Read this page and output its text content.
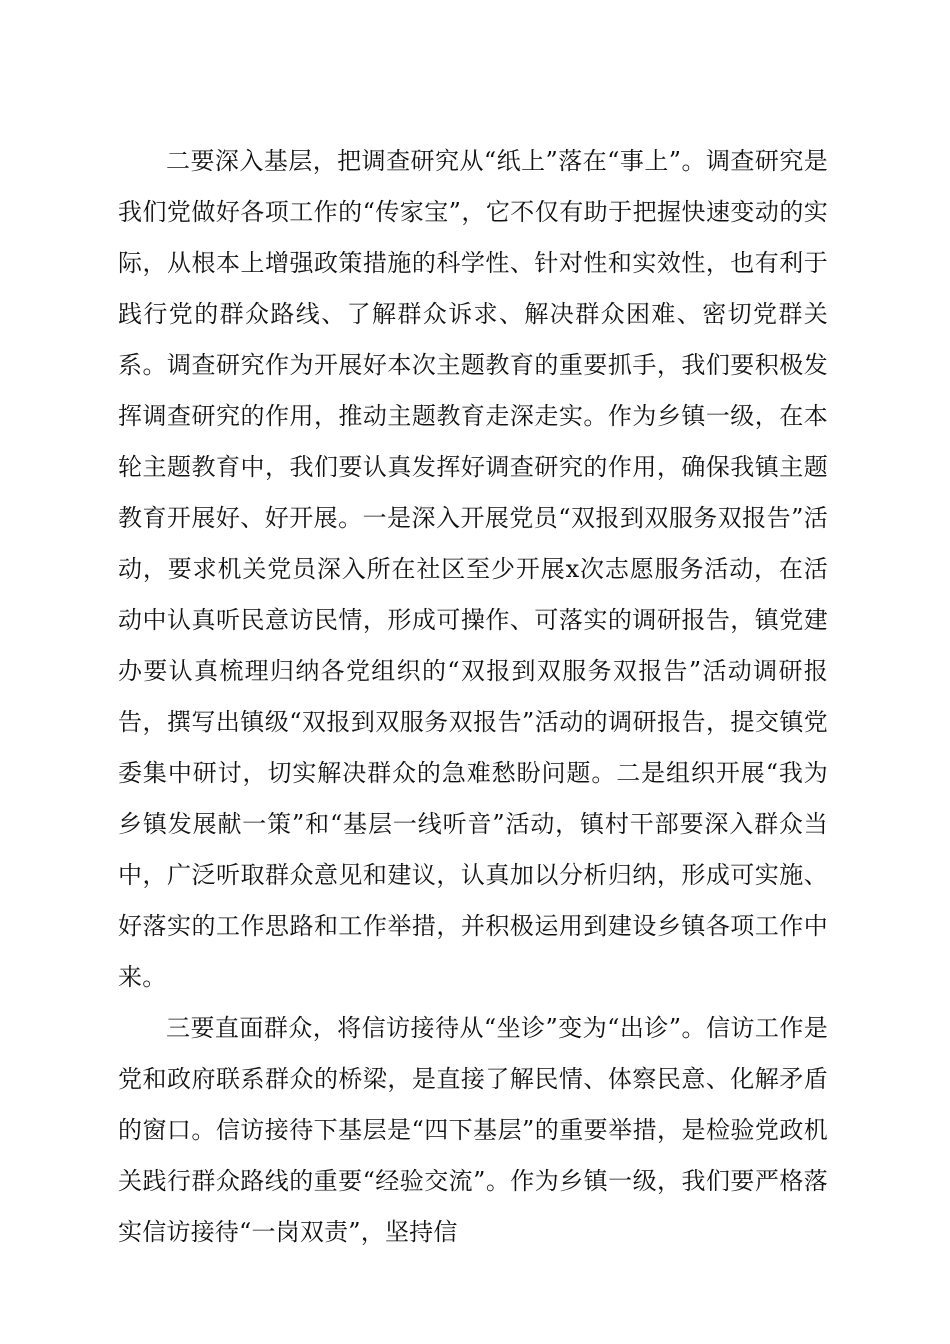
二要深入基层，把调查研究从“纸上”落在“事上”。调查研究是我们党做好各项工作的“传家宝”，它不仅有助于把握快速变动的实际，从根本上增强政策措施的科学性、针对性和实效性，也有利于践行党的群众路线、了解群众诉求、解决群众困难、密切党群关系。调查研究作为开展好本次主题教育的重要抓手，我们要积极发挥调查研究的作用，推动主题教育走深走实。作为乡镇一级，在本轮主题教育中，我们要认真发挥好调查研究的作用，确保我镇主题教育开展好、好开展。一是深入开展党员“双报到双服务双报告”活动，要求机关党员深入所在社区至少开展x次志愿服务活动，在活动中认真听民意访民情，形成可操作、可落实的调研报告，镇党建办要认真梳理归纳各党组织的“双报到双服务双报告”活动调研报告，撰写出镇级“双报到双服务双报告”活动的调研报告，提交镇党委集中研讨，切实解决群众的急难愁盼问题。二是组织开展“我为乡镇发展献一策”和“基层一线听音”活动，镇村干部要深入群众当中，广泛听取群众意见和建议，认真加以分析归纳，形成可实施、好落实的工作思路和工作举措，并积极运用到建设乡镇各项工作中来。

三要直面群众，将信访接待从“坐诊”变为“出诊”。信访工作是党和政府联系群众的桥梁，是直接了解民情、体察民意、化解矛盾的窗口。信访接待下基层是“四下基层”的重要举措，是检验党政机关践行群众路线的重要“经验交流”。作为乡镇一级，我们要严格落实信访接待“一岗双责”，坚持信
